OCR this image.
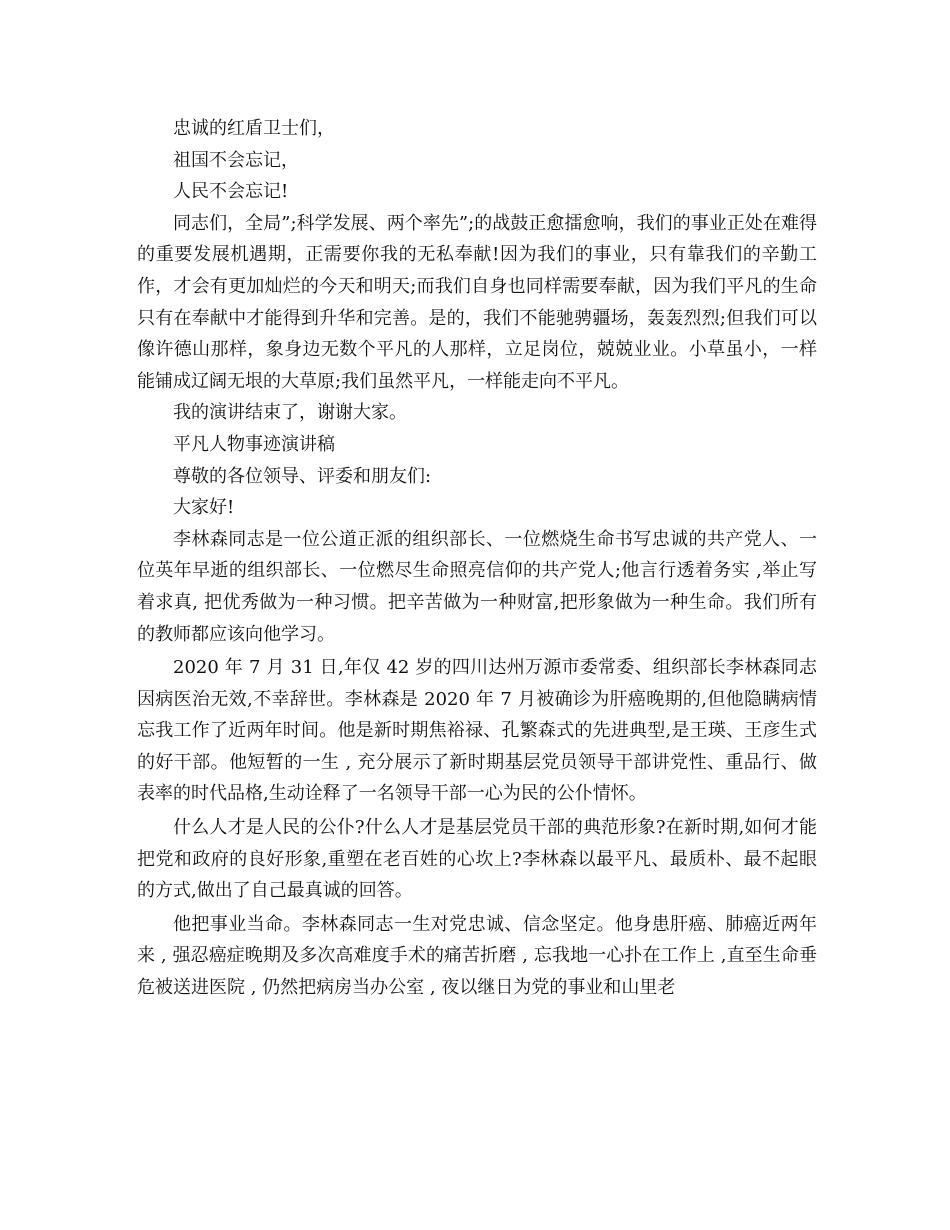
忠诚的红盾卫士们，

祖国不会忘记，

人民不会忘记!

同志们，全局”;科学发展、两个率先”;的战鼓正愈擂愈响，我们的事业正处在难得的重要发展机遇期，正需要你我的无私奉献!因为我们的事业，只有靠我们的辛勤工作，才会有更加灿烂的今天和明天;而我们自身也同样需要奉献，因为我们平凡的生命只有在奉献中才能得到升华和完善。是的，我们不能驰骋疆场，轰轰烈烈;但我们可以像许德山那样，象身边无数个平凡的人那样，立足岗位，兢兢业业。小草虽小，一样能铺成辽阔无垠的大草原;我们虽然平凡，一样能走向不平凡。

我的演讲结束了，谢谢大家。

平凡人物事迹演讲稿

尊敬的各位领导、评委和朋友们:

大家好!

李林森同志是一位公道正派的组织部长、一位燃烧生命书写忠诚的共产党人、一位英年早逝的组织部长、一位燃尽生命照亮信仰的共产党人;他言行透着务实 ,举止写着求真, 把优秀做为一种习惯。把辛苦做为一种财富,把形象做为一种生命。我们所有的教师都应该向他学习。

2020 年 7 月 31 日,年仅 42 岁的四川达州万源市委常委、组织部长李林森同志因病医治无效,不幸辞世。李林森是 2020 年 7 月被确诊为肝癌晚期的,但他隐瞒病情忘我工作了近两年时间。他是新时期焦裕禄、孔繁森式的先进典型,是王瑛、王彦生式的好干部。他短暂的一生 , 充分展示了新时期基层党员领导干部讲党性、重品行、做表率的时代品格,生动诠释了一名领导干部一心为民的公仆情怀。

什么人才是人民的公仆?什么人才是基层党员干部的典范形象?在新时期,如何才能把党和政府的良好形象,重塑在老百姓的心坎上?李林森以最平凡、最质朴、最不起眼的方式,做出了自己最真诚的回答。

他把事业当命。李林森同志一生对党忠诚、信念坚定。他身患肝癌、肺癌近两年来 , 强忍癌症晚期及多次高难度手术的痛苦折磨 , 忘我地一心扑在工作上 ,直至生命垂危被送进医院 , 仍然把病房当办公室 , 夜以继日为党的事业和山里老
